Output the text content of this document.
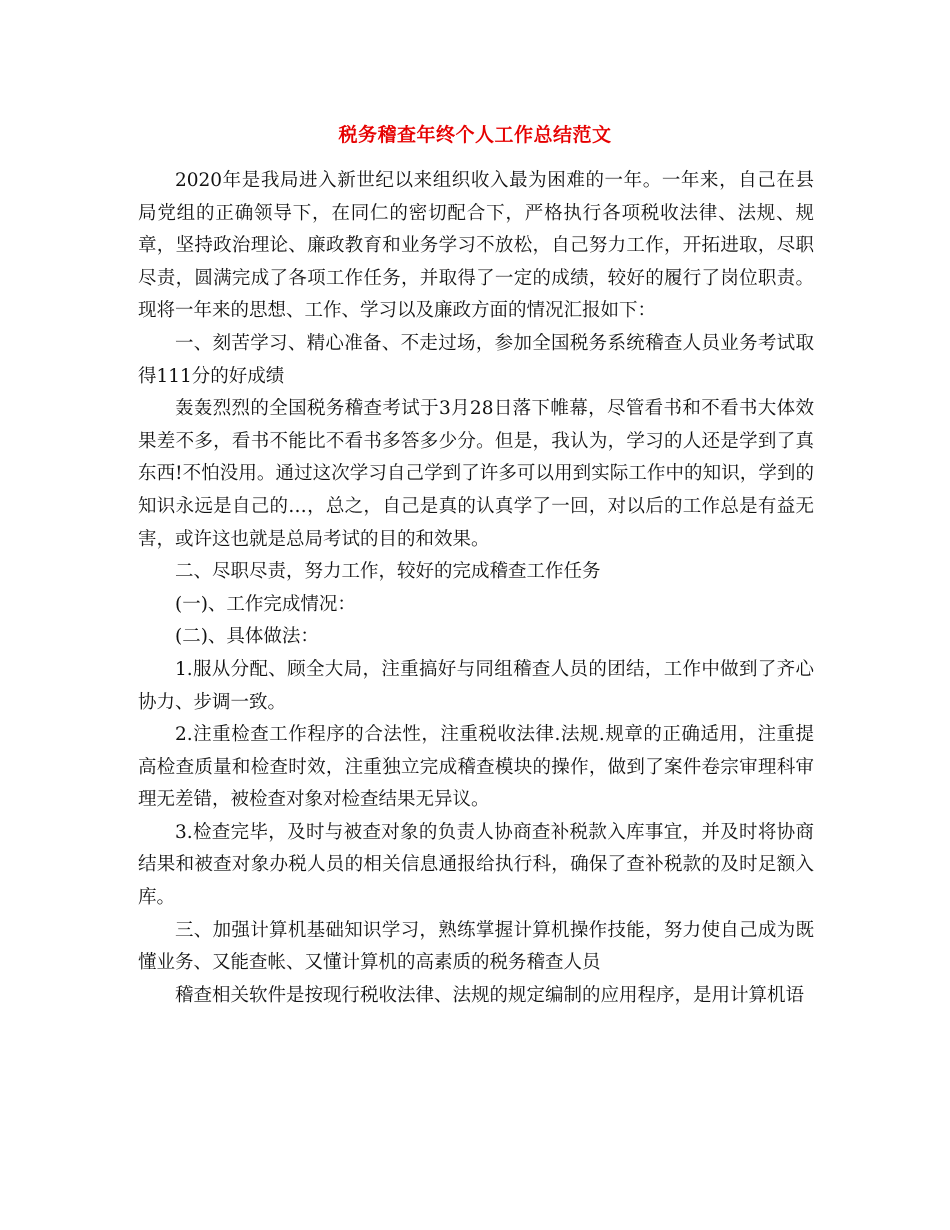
税务稽查年终个人工作总结范文

2020年是我局进入新世纪以来组织收入最为困难的一年。一年来，自己在县局党组的正确领导下，在同仁的密切配合下，严格执行各项税收法律、法规、规章，坚持政治理论、廉政教育和业务学习不放松，自己努力工作，开拓进取，尽职尽责，圆满完成了各项工作任务，并取得了一定的成绩，较好的履行了岗位职责。现将一年来的思想、工作、学习以及廉政方面的情况汇报如下：

一、刻苦学习、精心准备、不走过场，参加全国税务系统稽查人员业务考试取得111分的好成绩

轰轰烈烈的全国税务稽查考试于3月28日落下帷幕，尽管看书和不看书大体效果差不多，看书不能比不看书多答多少分。但是，我认为，学习的人还是学到了真东西!不怕没用。通过这次学习自己学到了许多可以用到实际工作中的知识，学到的知识永远是自己的…，总之，自己是真的认真学了一回，对以后的工作总是有益无害，或许这也就是总局考试的目的和效果。

二、尽职尽责，努力工作，较好的完成稽查工作任务

(一)、工作完成情况：

(二)、具体做法：

1.服从分配、顾全大局，注重搞好与同组稽查人员的团结，工作中做到了齐心协力、步调一致。

2.注重检查工作程序的合法性，注重税收法律.法规.规章的正确适用，注重提高检查质量和检查时效，注重独立完成稽查模块的操作，做到了案件卷宗审理科审理无差错，被检查对象对检查结果无异议。

3.检查完毕，及时与被查对象的负责人协商查补税款入库事宜，并及时将协商结果和被查对象办税人员的相关信息通报给执行科，确保了查补税款的及时足额入库。

三、加强计算机基础知识学习，熟练掌握计算机操作技能，努力使自己成为既懂业务、又能查帐、又懂计算机的高素质的税务稽查人员

稽查相关软件是按现行税收法律、法规的规定编制的应用程序，是用计算机语
